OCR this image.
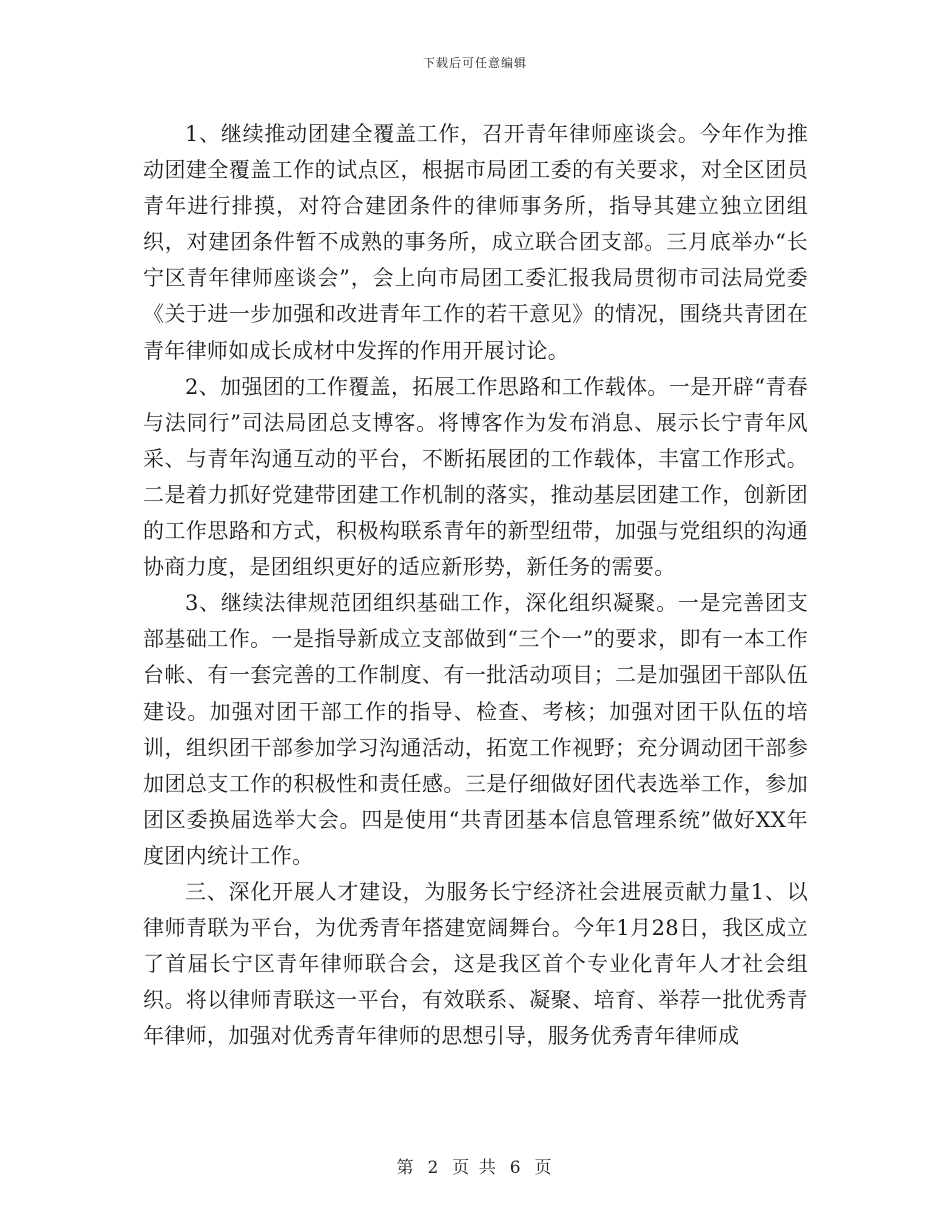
下载后可任意编辑

1、继续推动团建全覆盖工作，召开青年律师座谈会。今年作为推动团建全覆盖工作的试点区，根据市局团工委的有关要求，对全区团员青年进行排摸，对符合建团条件的律师事务所，指导其建立独立团组织，对建团条件暂不成熟的事务所，成立联合团支部。三月底举办“长宁区青年律师座谈会”，会上向市局团工委汇报我局贯彻市司法局党委《关于进一步加强和改进青年工作的若干意见》的情况，围绕共青团在青年律师如成长成材中发挥的作用开展讨论。

2、加强团的工作覆盖，拓展工作思路和工作载体。一是开辟“青春与法同行”司法局团总支博客。将博客作为发布消息、展示长宁青年风采、与青年沟通互动的平台，不断拓展团的工作载体，丰富工作形式。二是着力抓好党建带团建工作机制的落实，推动基层团建工作，创新团的工作思路和方式，积极构联系青年的新型纽带，加强与党组织的沟通协商力度，是团组织更好的适应新形势，新任务的需要。

3、继续法律规范团组织基础工作，深化组织凝聚。一是完善团支部基础工作。一是指导新成立支部做到“三个一”的要求，即有一本工作台帐、有一套完善的工作制度、有一批活动项目；二是加强团干部队伍建设。加强对团干部工作的指导、检查、考核；加强对团干队伍的培训，组织团干部参加学习沟通活动，拓宽工作视野；充分调动团干部参加团总支工作的积极性和责任感。三是仔细做好团代表选举工作，参加团区委换届选举大会。四是使用“共青团基本信息管理系统”做好XX年度团内统计工作。

三、深化开展人才建设，为服务长宁经济社会进展贡献力量1、以律师青联为平台，为优秀青年搭建宽阔舞台。今年1月28日，我区成立了首届长宁区青年律师联合会，这是我区首个专业化青年人才社会组织。将以律师青联这一平台，有效联系、凝聚、培育、举荐一批优秀青年律师，加强对优秀青年律师的思想引导，服务优秀青年律师成

第 2 页 共 6 页
